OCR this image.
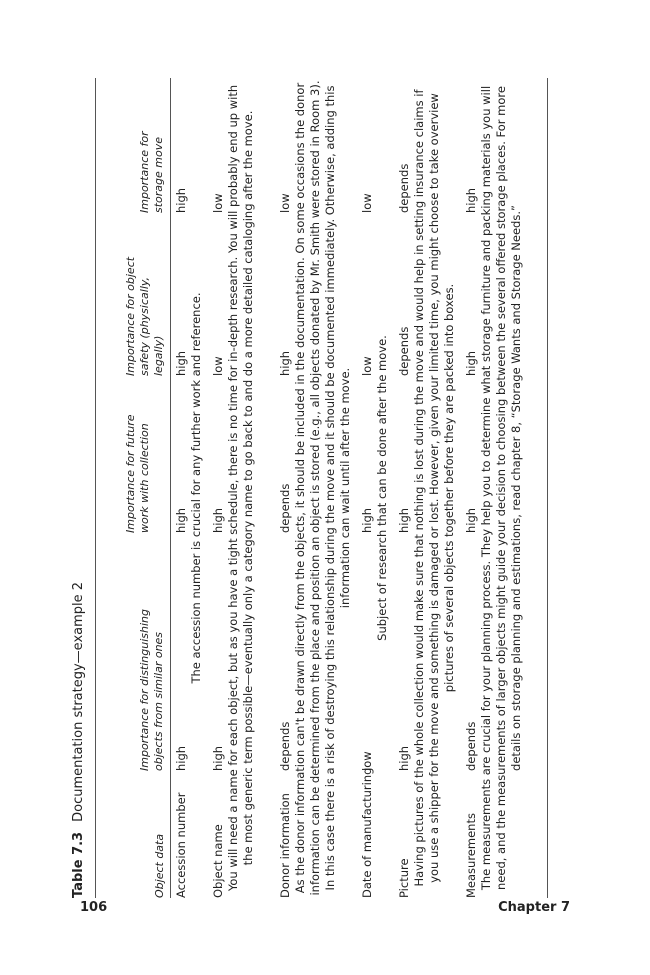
Table 7.3Documentation strategy—example 2
Object data
Importance for distinguishing objects from similar ones
Importance for future work with collection
Importance for object safety (physically, legally)
Importance for storage move
Accession number
high
high
high
high
The accession number is crucial for any further work and reference.
Object name
high
high
low
low You will need a name for each object, but as you have a tight schedule, there is no time for in-depth research. You will probably end up with the most generic term possible—eventually only a category name to go back to and do a more detailed cataloging after the move. Donor information
depends
depends
high
low As the donor information can't be drawn directly from the objects, it should be included in the documentation. On some occasions the donor information can be determined from the place and position an object is stored (e.g., all objects donated by Mr. Smith were stored in Room 3). In this case there is a risk of destroying this relationship during the move and it should be documented immediately. Otherwise, adding this information can wait until after the move.
Date of manufacturing
low
high
low
low
Subject of research that can be done after the move.
Picture
high
high
depends
depends Having pictures of the whole collection would make sure that nothing is lost during the move and would help in setting insurance claims if you use a shipper for the move and something is damaged or lost. However, given your limited time, you might choose to take overview pictures of several objects together before they are packed into boxes.
Measurements
depends
high
high
high The measurements are crucial for your planning process. They help you to determine what storage furniture and packing materials you will need, and the measurements of larger objects might guide your decision to choosing between the several offered storage places. For more details on storage planning and estimations, read chapter 8, “Storage Wants and Storage Needs.”
106	Chapter 7
